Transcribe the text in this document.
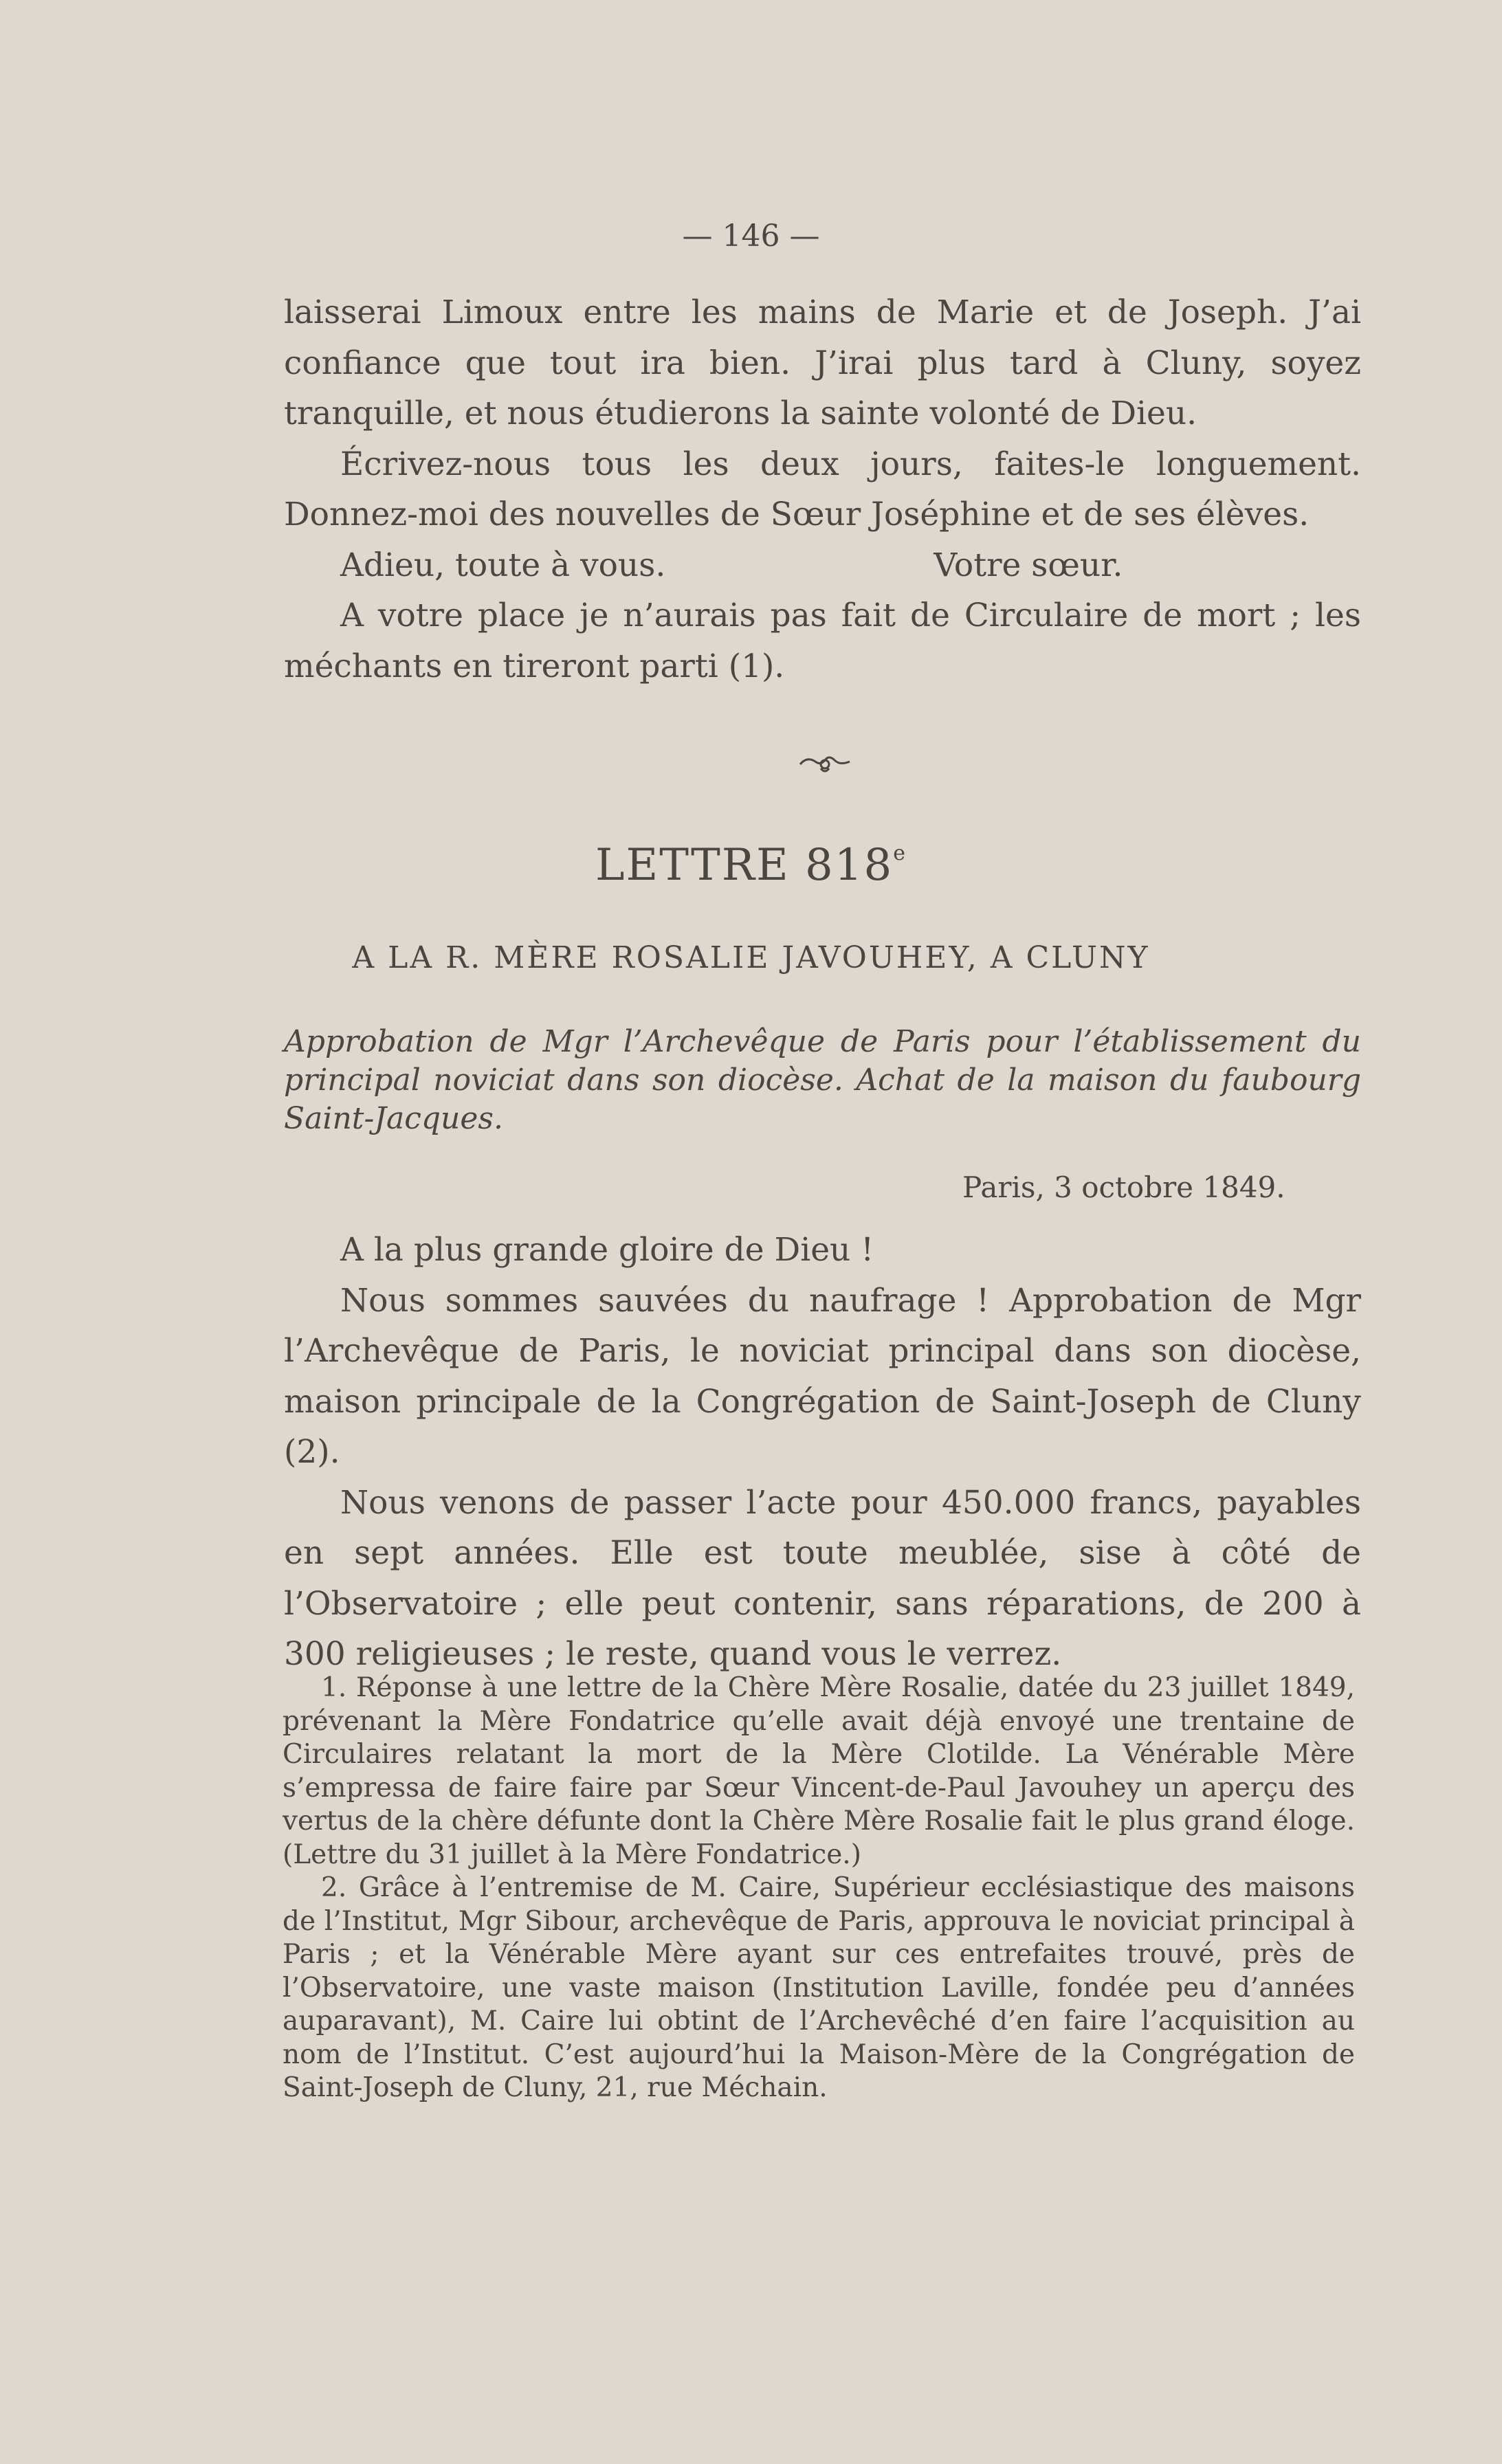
— 146 —

laisserai Limoux entre les mains de Marie et de Joseph. J’ai confiance que tout ira bien. J’irai plus tard à Cluny, soyez tranquille, et nous étudierons la sainte volonté de Dieu.

Écrivez-nous tous les deux jours, faites-le longuement. Donnez-moi des nouvelles de Sœur Joséphine et de ses élèves.

Adieu, toute à vous.	Votre sœur.

A votre place je n’aurais pas fait de Circulaire de mort ; les méchants en tireront parti (1).

LETTRE 818e
A LA R. MÈRE ROSALIE JAVOUHEY, A CLUNY
Approbation de Mgr l’Archevêque de Paris pour l’établissement du principal noviciat dans son diocèse. Achat de la maison du faubourg Saint-Jacques.
Paris, 3 octobre 1849.

A la plus grande gloire de Dieu !

Nous sommes sauvées du naufrage ! Approbation de Mgr l’Archevêque de Paris, le noviciat principal dans son diocèse, maison principale de la Congrégation de Saint-Joseph de Cluny (2).

Nous venons de passer l’acte pour 450.000 francs, payables en sept années. Elle est toute meublée, sise à côté de l’Observatoire ; elle peut contenir, sans réparations, de 200 à 300 religieuses ; le reste, quand vous le verrez.

1. Réponse à une lettre de la Chère Mère Rosalie, datée du 23 juillet 1849, prévenant la Mère Fondatrice qu’elle avait déjà envoyé une trentaine de Circulaires relatant la mort de la Mère Clotilde. La Vénérable Mère s’empressa de faire faire par Sœur Vincent-de-Paul Javouhey un aperçu des vertus de la chère défunte dont la Chère Mère Rosalie fait le plus grand éloge. (Lettre du 31 juillet à la Mère Fondatrice.)

2. Grâce à l’entremise de M. Caire, Supérieur ecclésiastique des maisons de l’Institut, Mgr Sibour, archevêque de Paris, approuva le noviciat principal à Paris ; et la Vénérable Mère ayant sur ces entrefaites trouvé, près de l’Observatoire, une vaste maison (Institution Laville, fondée peu d’années auparavant), M. Caire lui obtint de l’Archevêché d’en faire l’acquisition au nom de l’Institut. C’est aujourd’hui la Maison-Mère de la Congrégation de Saint-Joseph de Cluny, 21, rue Méchain.
